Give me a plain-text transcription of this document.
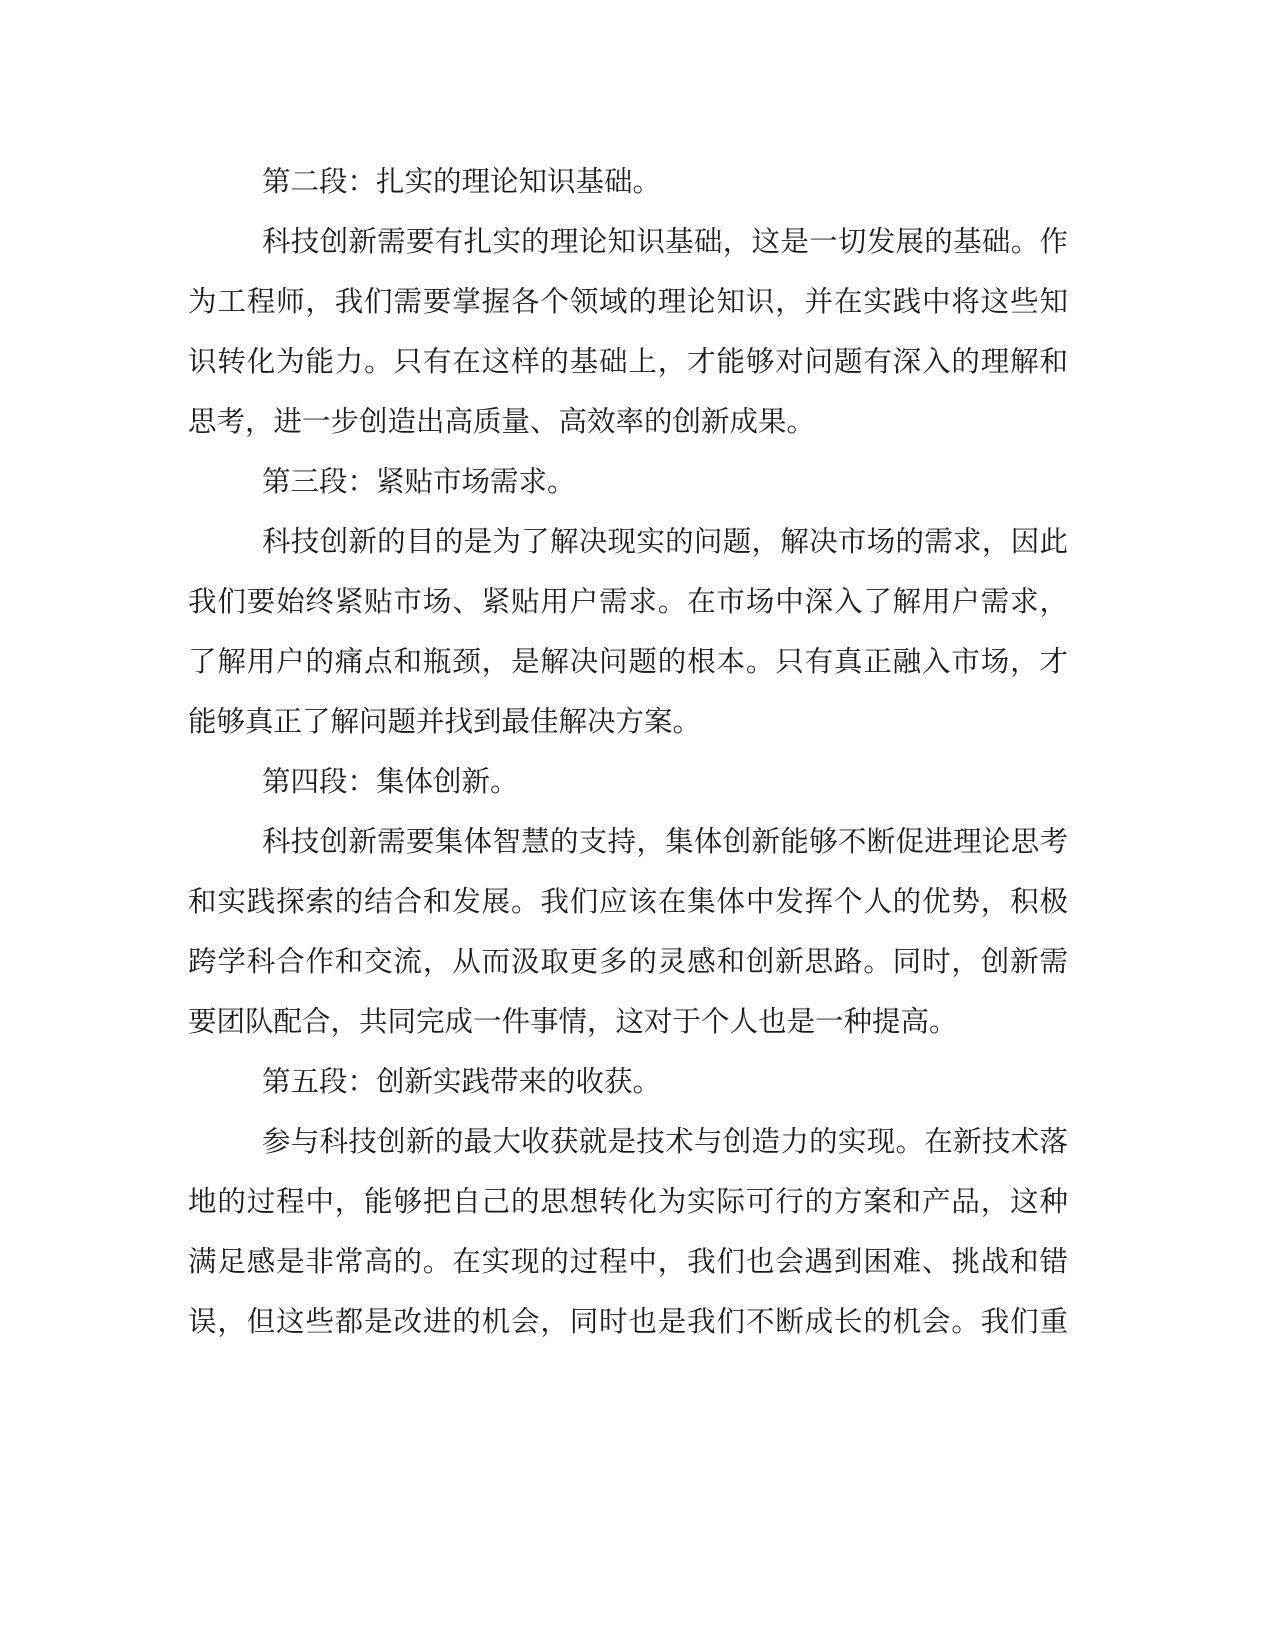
第二段：扎实的理论知识基础。
科技创新需要有扎实的理论知识基础，这是一切发展的基础。作
为工程师，我们需要掌握各个领域的理论知识，并在实践中将这些知
识转化为能力。只有在这样的基础上，才能够对问题有深入的理解和
思考，进一步创造出高质量、高效率的创新成果。
第三段：紧贴市场需求。
科技创新的目的是为了解决现实的问题，解决市场的需求，因此
我们要始终紧贴市场、紧贴用户需求。在市场中深入了解用户需求，
了解用户的痛点和瓶颈，是解决问题的根本。只有真正融入市场，才
能够真正了解问题并找到最佳解决方案。
第四段：集体创新。
科技创新需要集体智慧的支持，集体创新能够不断促进理论思考
和实践探索的结合和发展。我们应该在集体中发挥个人的优势，积极
跨学科合作和交流，从而汲取更多的灵感和创新思路。同时，创新需
要团队配合，共同完成一件事情，这对于个人也是一种提高。
第五段：创新实践带来的收获。
参与科技创新的最大收获就是技术与创造力的实现。在新技术落
地的过程中，能够把自己的思想转化为实际可行的方案和产品，这种
满足感是非常高的。在实现的过程中，我们也会遇到困难、挑战和错
误，但这些都是改进的机会，同时也是我们不断成长的机会。我们重
